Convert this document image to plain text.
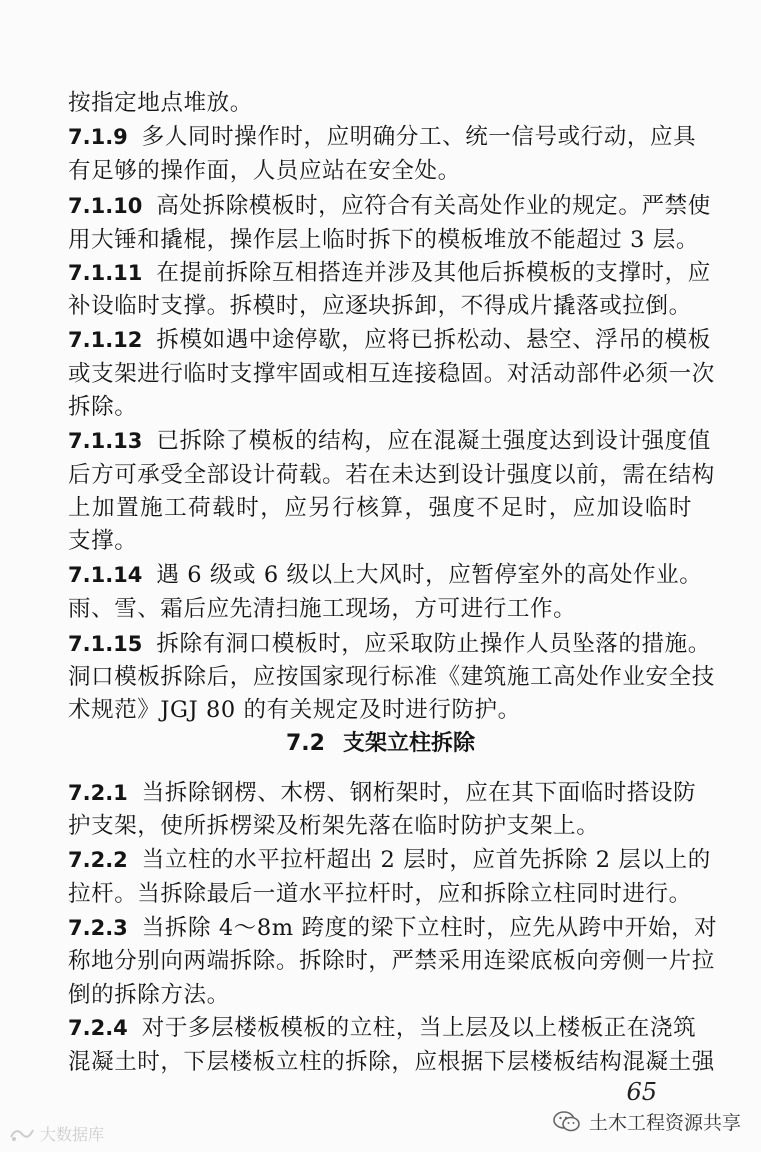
按指定地点堆放。
7.1.9 多人同时操作时，应明确分工、统一信号或行动，应具
有足够的操作面，人员应站在安全处。
7.1.10 高处拆除模板时，应符合有关高处作业的规定。严禁使
用大锤和撬棍，操作层上临时拆下的模板堆放不能超过 3 层。
7.1.11 在提前拆除互相搭连并涉及其他后拆模板的支撑时，应
补设临时支撑。拆模时，应逐块拆卸，不得成片撬落或拉倒。
7.1.12 拆模如遇中途停歇，应将已拆松动、悬空、浮吊的模板
或支架进行临时支撑牢固或相互连接稳固。对活动部件必须一次
拆除。
7.1.13 已拆除了模板的结构，应在混凝土强度达到设计强度值
后方可承受全部设计荷载。若在未达到设计强度以前，需在结构
上加置施工荷载时，应另行核算，强度不足时，应加设临时
支撑。
7.1.14 遇 6 级或 6 级以上大风时，应暂停室外的高处作业。
雨、雪、霜后应先清扫施工现场，方可进行工作。
7.1.15 拆除有洞口模板时，应采取防止操作人员坠落的措施。
洞口模板拆除后，应按国家现行标准《建筑施工高处作业安全技
术规范》JGJ 80 的有关规定及时进行防护。
7.2 支架立柱拆除
7.2.1 当拆除钢楞、木楞、钢桁架时，应在其下面临时搭设防
护支架，使所拆楞梁及桁架先落在临时防护支架上。
7.2.2 当立柱的水平拉杆超出 2 层时，应首先拆除 2 层以上的
拉杆。当拆除最后一道水平拉杆时，应和拆除立柱同时进行。
7.2.3 当拆除 4～8m 跨度的梁下立柱时，应先从跨中开始，对
称地分别向两端拆除。拆除时，严禁采用连梁底板向旁侧一片拉
倒的拆除方法。
7.2.4 对于多层楼板模板的立柱，当上层及以上楼板正在浇筑
混凝土时，下层楼板立柱的拆除，应根据下层楼板结构混凝土强
65
土木工程资源共享
大数据库
